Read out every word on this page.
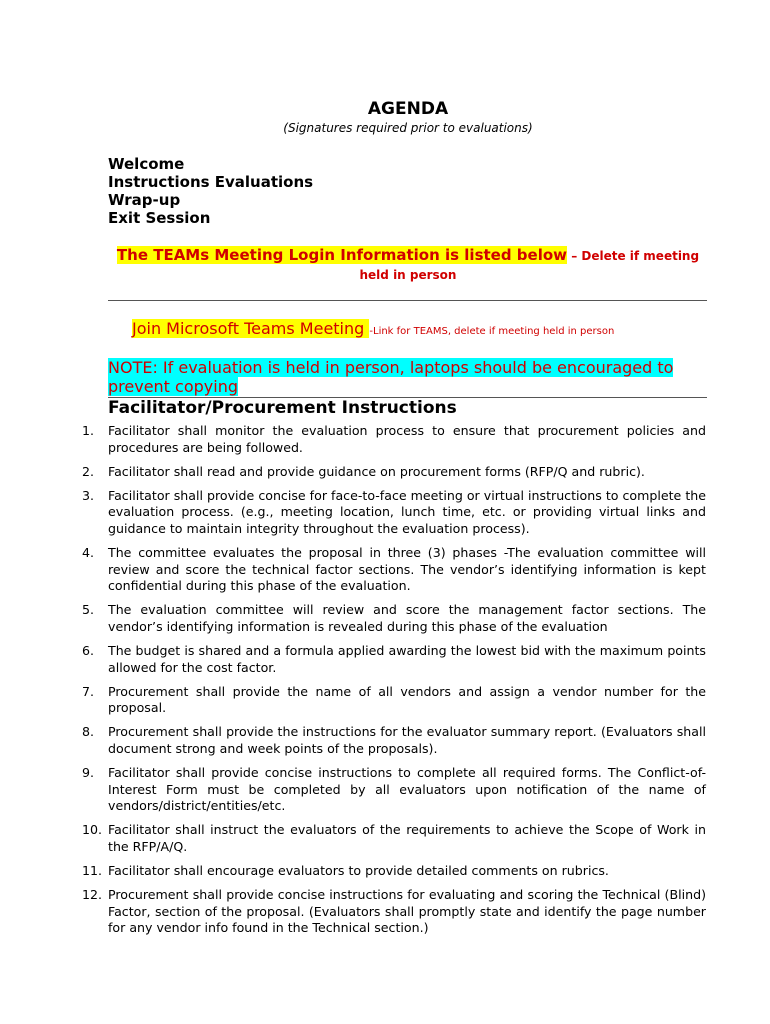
AGENDA
(Signatures required prior to evaluations)
Welcome
Instructions Evaluations
Wrap-up
Exit Session
The TEAMs Meeting Login Information is listed below – Delete if meeting held in person
Join Microsoft Teams Meeting -Link for TEAMS, delete if meeting held in person
NOTE: If evaluation is held in person, laptops should be encouraged to prevent copying
Facilitator/Procurement Instructions
1. Facilitator shall monitor the evaluation process to ensure that procurement policies and procedures are being followed.
2. Facilitator shall read and provide guidance on procurement forms (RFP/Q and rubric).
3. Facilitator shall provide concise for face-to-face meeting or virtual instructions to complete the evaluation process. (e.g., meeting location, lunch time, etc. or providing virtual links and guidance to maintain integrity throughout the evaluation process).
4. The committee evaluates the proposal in three (3) phases -The evaluation committee will review and score the technical factor sections. The vendor’s identifying information is kept confidential during this phase of the evaluation.
5. The evaluation committee will review and score the management factor sections. The vendor’s identifying information is revealed during this phase of the evaluation
6. The budget is shared and a formula applied awarding the lowest bid with the maximum points allowed for the cost factor.
7. Procurement shall provide the name of all vendors and assign a vendor number for the proposal.
8. Procurement shall provide the instructions for the evaluator summary report. (Evaluators shall document strong and week points of the proposals).
9. Facilitator shall provide concise instructions to complete all required forms. The Conflict-of-Interest Form must be completed by all evaluators upon notification of the name of vendors/district/entities/etc.
10. Facilitator shall instruct the evaluators of the requirements to achieve the Scope of Work in the RFP/A/Q.
11. Facilitator shall encourage evaluators to provide detailed comments on rubrics.
12. Procurement shall provide concise instructions for evaluating and scoring the Technical (Blind) Factor, section of the proposal. (Evaluators shall promptly state and identify the page number for any vendor info found in the Technical section.)
